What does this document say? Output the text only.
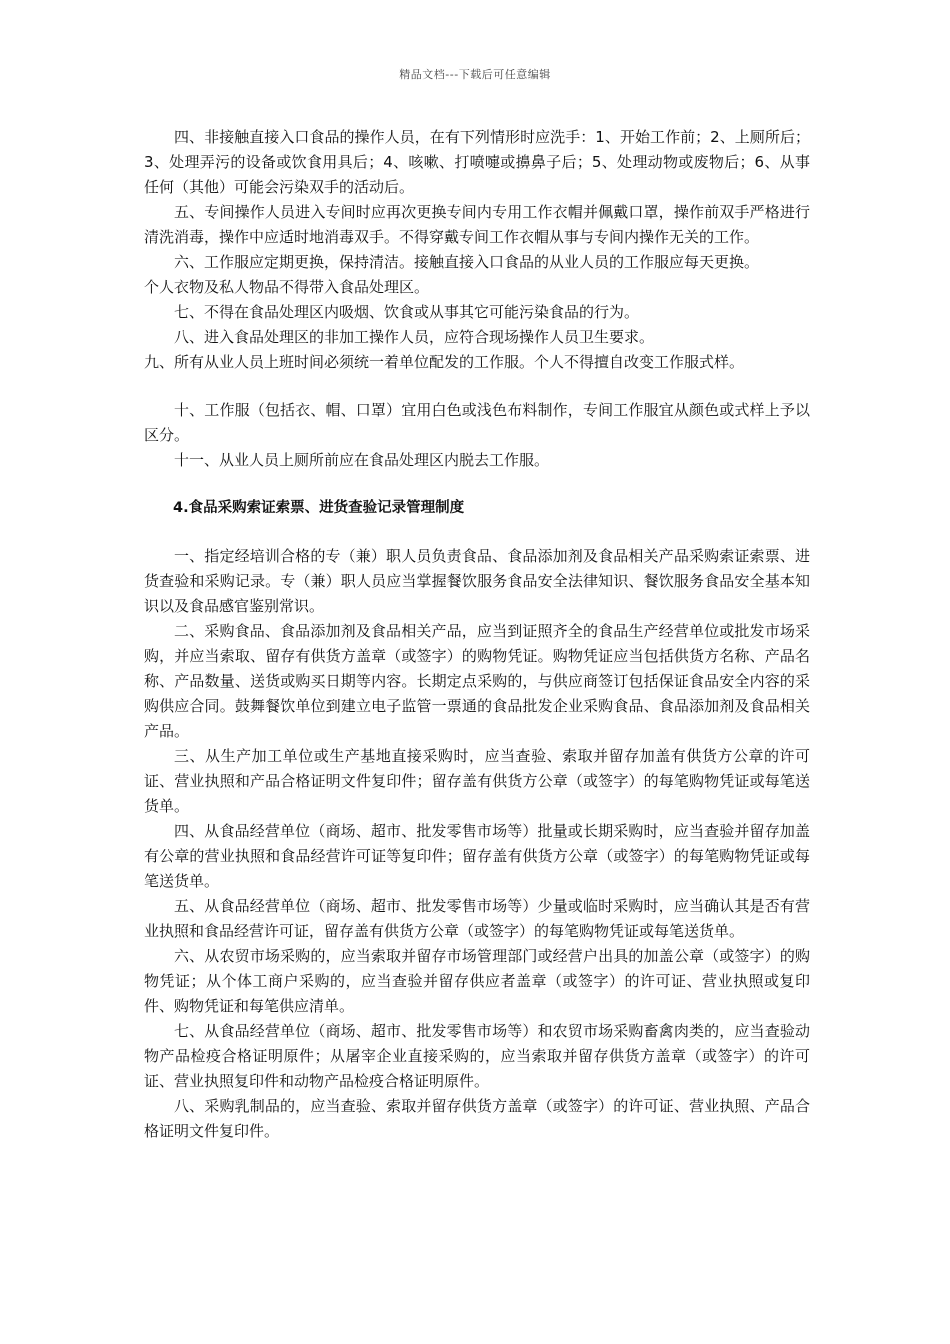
精品文档---下载后可任意编辑

四、非接触直接入口食品的操作人员，在有下列情形时应洗手：1、开始工作前；2、上厕所后；3、处理弄污的设备或饮食用具后；4、咳嗽、打喷嚏或擤鼻子后；5、处理动物或废物后；6、从事任何（其他）可能会污染双手的活动后。

五、专间操作人员进入专间时应再次更换专间内专用工作衣帽并佩戴口罩，操作前双手严格进行清洗消毒，操作中应适时地消毒双手。不得穿戴专间工作衣帽从事与专间内操作无关的工作。

六、工作服应定期更换，保持清洁。接触直接入口食品的从业人员的工作服应每天更换。

个人衣物及私人物品不得带入食品处理区。

七、不得在食品处理区内吸烟、饮食或从事其它可能污染食品的行为。

八、进入食品处理区的非加工操作人员，应符合现场操作人员卫生要求。

九、所有从业人员上班时间必须统一着单位配发的工作服。个人不得擅自改变工作服式样。

十、工作服（包括衣、帽、口罩）宜用白色或浅色布料制作，专间工作服宜从颜色或式样上予以区分。

十一、从业人员上厕所前应在食品处理区内脱去工作服。

4.食品采购索证索票、进货查验记录管理制度

一、指定经培训合格的专（兼）职人员负责食品、食品添加剂及食品相关产品采购索证索票、进货查验和采购记录。专（兼）职人员应当掌握餐饮服务食品安全法律知识、餐饮服务食品安全基本知识以及食品感官鉴别常识。

二、采购食品、食品添加剂及食品相关产品，应当到证照齐全的食品生产经营单位或批发市场采购，并应当索取、留存有供货方盖章（或签字）的购物凭证。购物凭证应当包括供货方名称、产品名称、产品数量、送货或购买日期等内容。长期定点采购的，与供应商签订包括保证食品安全内容的采购供应合同。鼓舞餐饮单位到建立电子监管一票通的食品批发企业采购食品、食品添加剂及食品相关产品。

三、从生产加工单位或生产基地直接采购时，应当查验、索取并留存加盖有供货方公章的许可证、营业执照和产品合格证明文件复印件；留存盖有供货方公章（或签字）的每笔购物凭证或每笔送货单。

四、从食品经营单位（商场、超市、批发零售市场等）批量或长期采购时，应当查验并留存加盖有公章的营业执照和食品经营许可证等复印件；留存盖有供货方公章（或签字）的每笔购物凭证或每笔送货单。

五、从食品经营单位（商场、超市、批发零售市场等）少量或临时采购时，应当确认其是否有营业执照和食品经营许可证，留存盖有供货方公章（或签字）的每笔购物凭证或每笔送货单。

六、从农贸市场采购的，应当索取并留存市场管理部门或经营户出具的加盖公章（或签字）的购物凭证；从个体工商户采购的，应当查验并留存供应者盖章（或签字）的许可证、营业执照或复印件、购物凭证和每笔供应清单。

七、从食品经营单位（商场、超市、批发零售市场等）和农贸市场采购畜禽肉类的，应当查验动物产品检疫合格证明原件；从屠宰企业直接采购的，应当索取并留存供货方盖章（或签字）的许可证、营业执照复印件和动物产品检疫合格证明原件。

八、采购乳制品的，应当查验、索取并留存供货方盖章（或签字）的许可证、营业执照、产品合格证明文件复印件。
